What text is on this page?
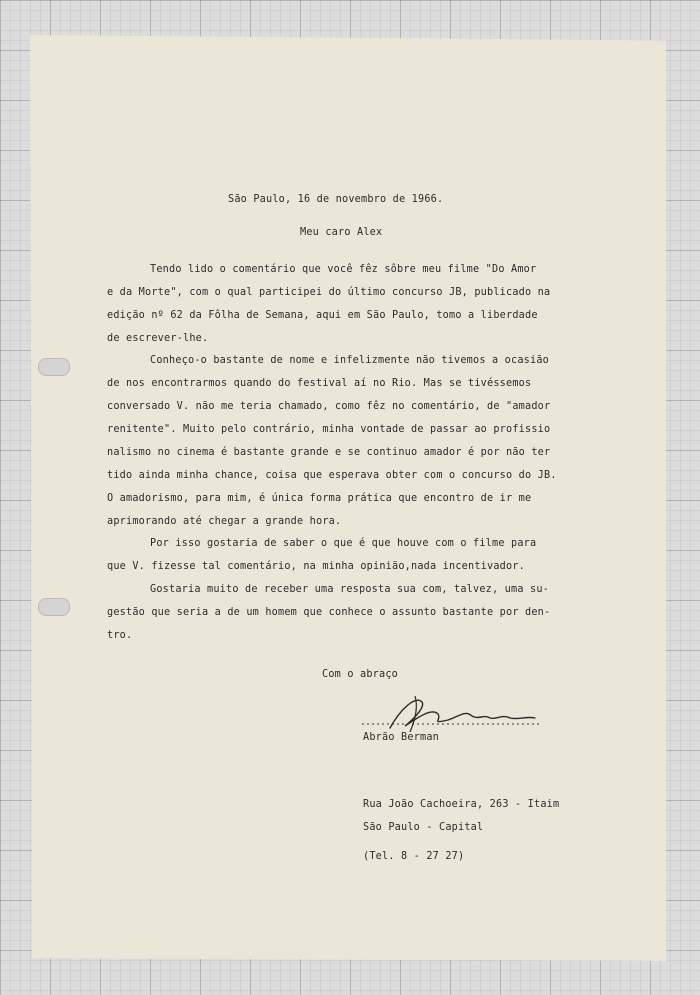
São Paulo, 16 de novembro de 1966.
Meu caro Alex
Tendo lido o comentário que você fêz sôbre meu filme "Do Amor
e da Morte", com o qual participei do último concurso JB, publicado na
edição nº 62 da Fôlha de Semana, aqui em São Paulo, tomo a liberdade
de escrever-lhe.
Conheço-o bastante de nome e infelizmente não tivemos a ocasião
de nos encontrarmos quando do festival aí no Rio. Mas se tivéssemos
conversado V. não me teria chamado, como fêz no comentário, de "amador
renitente". Muito pelo contrário, minha vontade de passar ao profissio
nalismo no cinema é bastante grande e se continuo amador é por não ter
tido ainda minha chance, coisa que esperava obter com o concurso do JB.
O amadorismo, para mim, é única forma prática que encontro de ir me
aprimorando até chegar a grande hora.
Por isso gostaria de saber o que é que houve com o filme para
que V. fizesse tal comentário, na minha opinião,nada incentivador.
Gostaria muito de receber uma resposta sua com, talvez, uma su-
gestão que seria a de um homem que conhece o assunto bastante por den-
tro.
Com o abraço
Abrão Berman
Rua João Cachoeira, 263 - Itaim
São Paulo - Capital
(Tel. 8 - 27 27)
